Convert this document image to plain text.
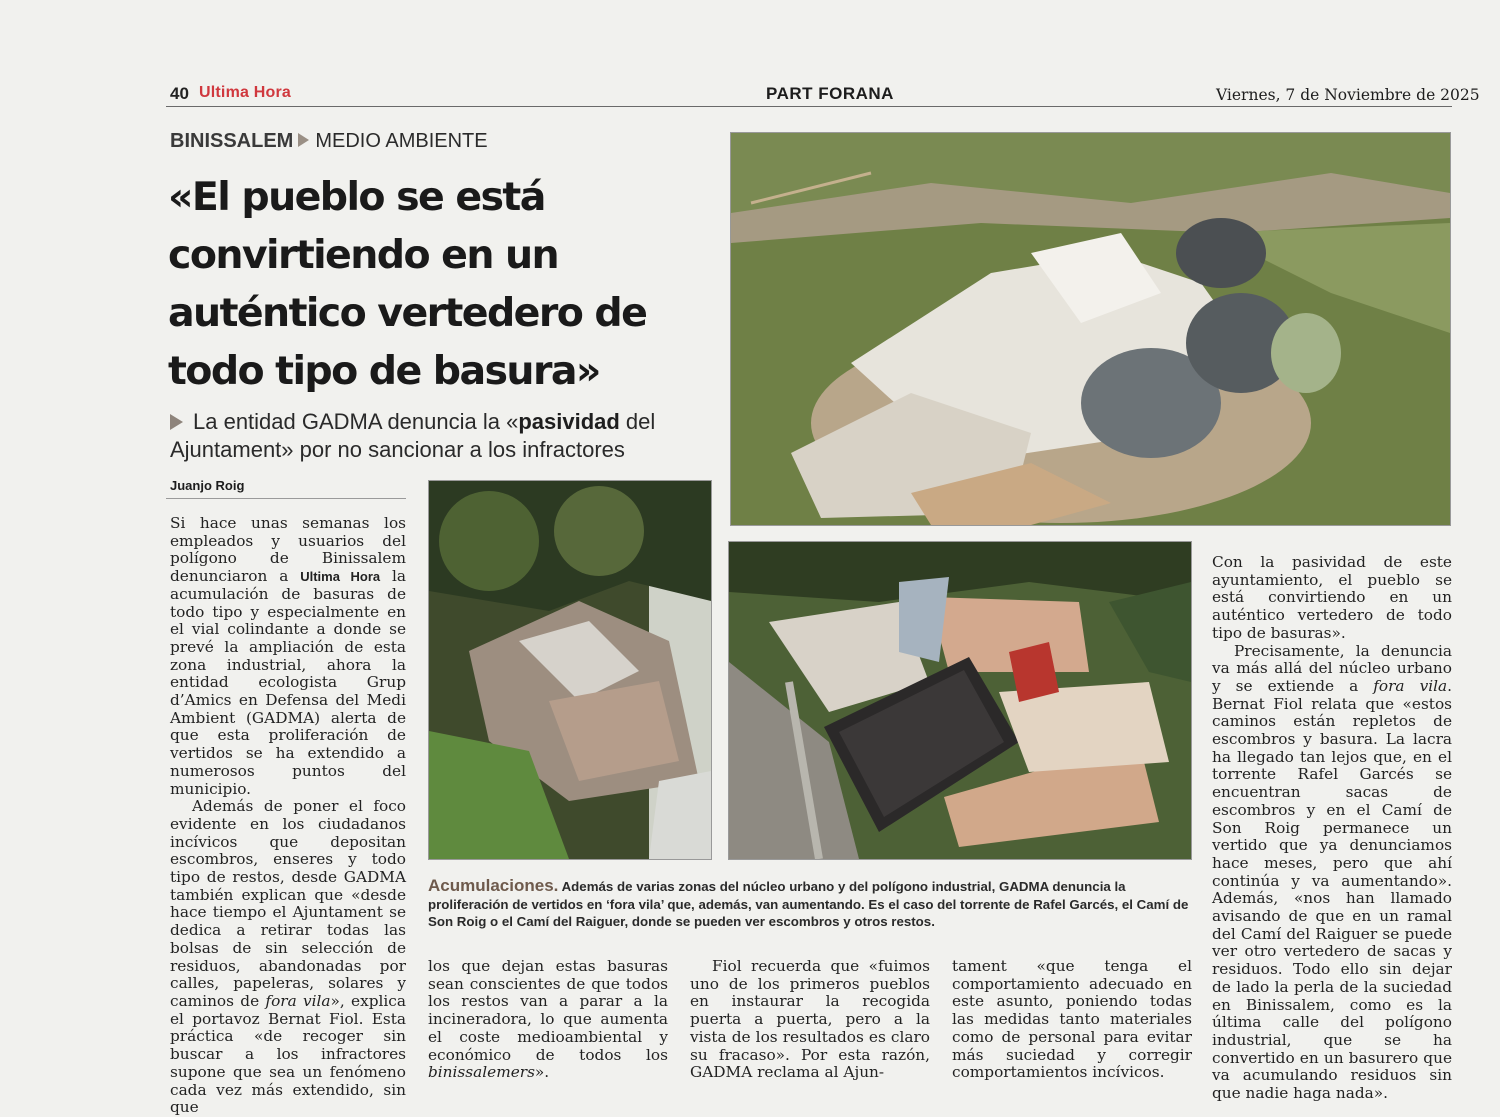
40 Ultima Hora	PART FORANA	Viernes, 7 de Noviembre de 2025
BINISSALEM MEDIO AMBIENTE
«El pueblo se está convirtiendo en un auténtico vertedero de todo tipo de basura»
La entidad GADMA denuncia la «pasividad del Ajuntament» por no sancionar a los infractores
Juanjo Roig
Acumulaciones. Además de varias zonas del núcleo urbano y del polígono industrial, GADMA denuncia la proliferación de vertidos en ‘fora vila’ que, además, van aumentando. Es el caso del torrente de Rafel Garcés, el Camí de Son Roig o el Camí del Raiguer, donde se pueden ver escombros y otros restos.

Si hace unas semanas los empleados y usuarios del polígono de Binissalem denunciaron a Ultima Hora la acumulación de basuras de todo tipo y especialmente en el vial colindante a donde se prevé la ampliación de esta zona industrial, ahora la entidad ecologista Grup d’Amics en Defensa del Medi Ambient (GADMA) alerta de que esta proliferación de vertidos se ha extendido a numerosos puntos del municipio.

Además de poner el foco evidente en los ciudadanos incívicos que depositan escombros, enseres y todo tipo de restos, desde GADMA también explican que «desde hace tiempo el Ajuntament se dedica a retirar todas las bolsas de sin selección de residuos, abandonadas por calles, papeleras, solares y caminos de fora vila», explica el portavoz Bernat Fiol. Esta práctica «de recoger sin buscar a los infractores supone que sea un fenómeno cada vez más extendido, sin que

los que dejan estas basuras sean conscientes de que todos los restos van a parar a la incineradora, lo que aumenta el coste medioambiental y económico de todos los binissalemers».

Fiol recuerda que «fuimos uno de los primeros pueblos en instaurar la recogida puerta a puerta, pero a la vista de los resultados es claro su fracaso». Por esta razón, GADMA reclama al Ajun-

tament «que tenga el comportamiento adecuado en este asunto, poniendo todas las medidas tanto materiales como de personal para evitar más suciedad y corregir comportamientos incívicos.

Con la pasividad de este ayuntamiento, el pueblo se está convirtiendo en un auténtico vertedero de todo tipo de basuras».

Precisamente, la denuncia va más allá del núcleo urbano y se extiende a fora vila. Bernat Fiol relata que «estos caminos están repletos de escombros y basura. La lacra ha llegado tan lejos que, en el torrente Rafel Garcés se encuentran sacas de escombros y en el Camí de Son Roig permanece un vertido que ya denunciamos hace meses, pero que ahí continúa y va aumentando». Además, «nos han llamado avisando de que en un ramal del Camí del Raiguer se puede ver otro vertedero de sacas y residuos. Todo ello sin dejar de lado la perla de la suciedad en Binissalem, como es la última calle del polígono industrial, que se ha convertido en un basurero que va acumulando residuos sin que nadie haga nada».
